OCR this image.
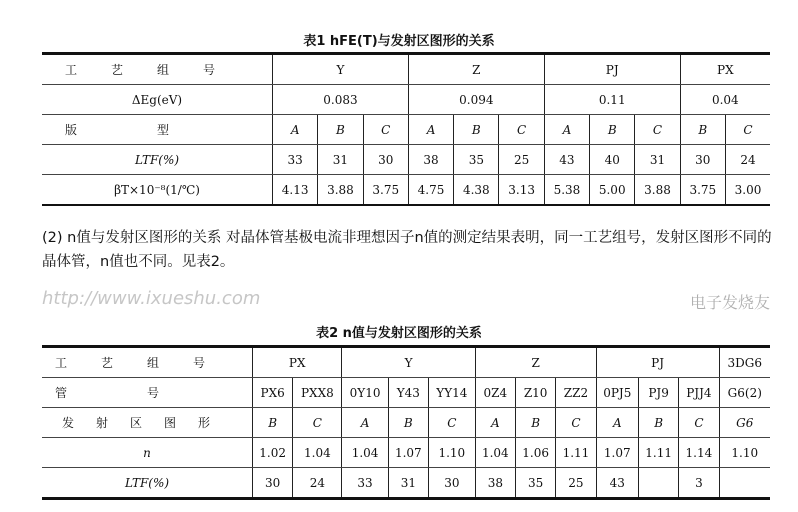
http://www.ixueshu.com
表1 hFE(T)与发射区图形的关系
工艺组号	Y			Z			PJ			PX	
ΔEg(eV)	0.083			0.094			0.11			0.04	
版型	A	B	C	A	B	C	A	B	C	B	C
LTF(%)	33	31	30	38	35	25	43	40	31	30	24
βT×10⁻⁸(1/℃)	4.13	3.88	3.75	4.75	4.38	3.13	5.38	5.00	3.88	3.75	3.00
(2) n值与发射区图形的关系 对晶体管基极电流非理想因子n值的测定结果表明，同一工艺组号，发射区图形不同的晶体管，n值也不同。见表2。
电子发烧友
表2 n值与发射区图形的关系
工艺组号	PX		Y			Z			PJ			3DG6
管号	PX6	PXX8	0Y10	Y43	YY14	0Z4	Z10	ZZ2	0PJ5	PJ9	PJJ4	G6(2)
发射区图形	B	C	A	B	C	A	B	C	A	B	C	G6
n	1.02	1.04	1.04	1.07	1.10	1.04	1.06	1.11	1.07	1.11	1.14	1.10
LTF(%)	30	24	33	31	30	38	35	25	43		3	
